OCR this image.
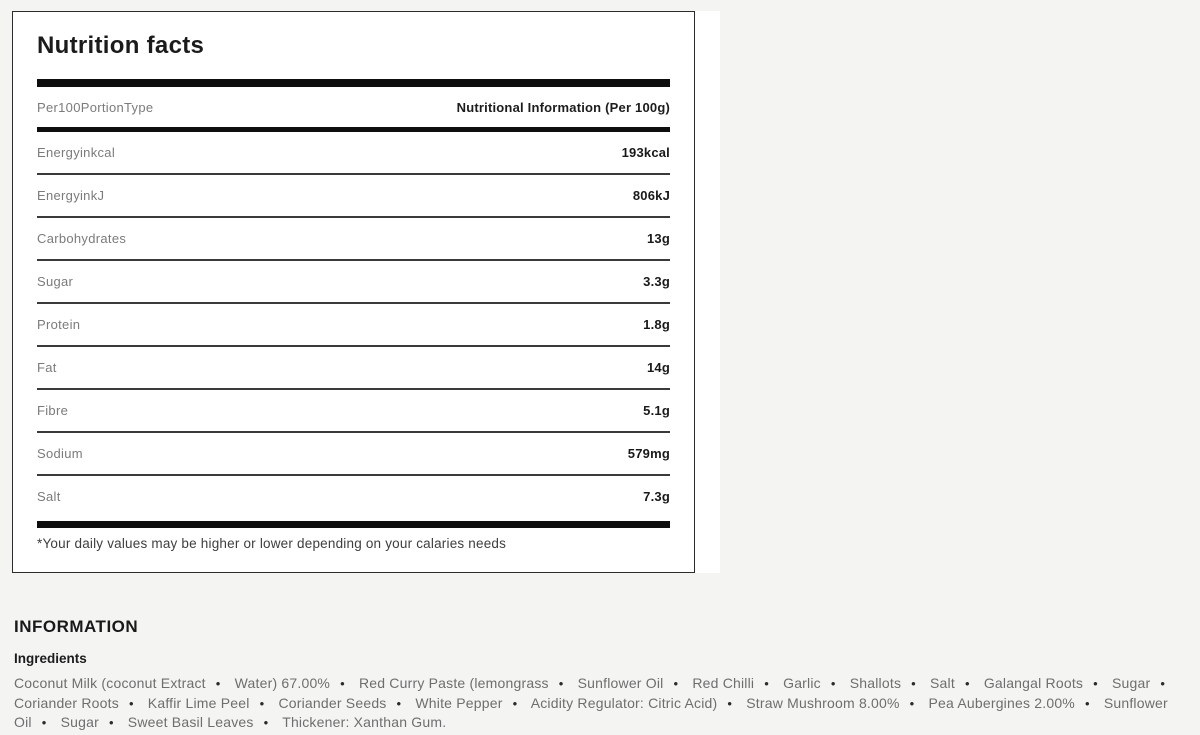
Nutrition facts
Per100PortionType	Nutritional Information (Per 100g)
Energyinkcal	193kcal
EnergyinkJ	806kJ
Carbohydrates	13g
Sugar	3.3g
Protein	1.8g
Fat	14g
Fibre	5.1g
Sodium	579mg
Salt	7.3g

*Your daily values may be higher or lower depending on your calaries needs

INFORMATION
Ingredients

Coconut Milk (coconut Extract • Water) 67.00% • Red Curry Paste (lemongrass • Sunflower Oil • Red Chilli • Garlic • Shallots • Salt • Galangal Roots • Sugar • Coriander Roots • Kaffir Lime Peel • Coriander Seeds • White Pepper • Acidity Regulator: Citric Acid) • Straw Mushroom 8.00% • Pea Aubergines 2.00% • Sunflower Oil • Sugar • Sweet Basil Leaves • Thickener: Xanthan Gum.
